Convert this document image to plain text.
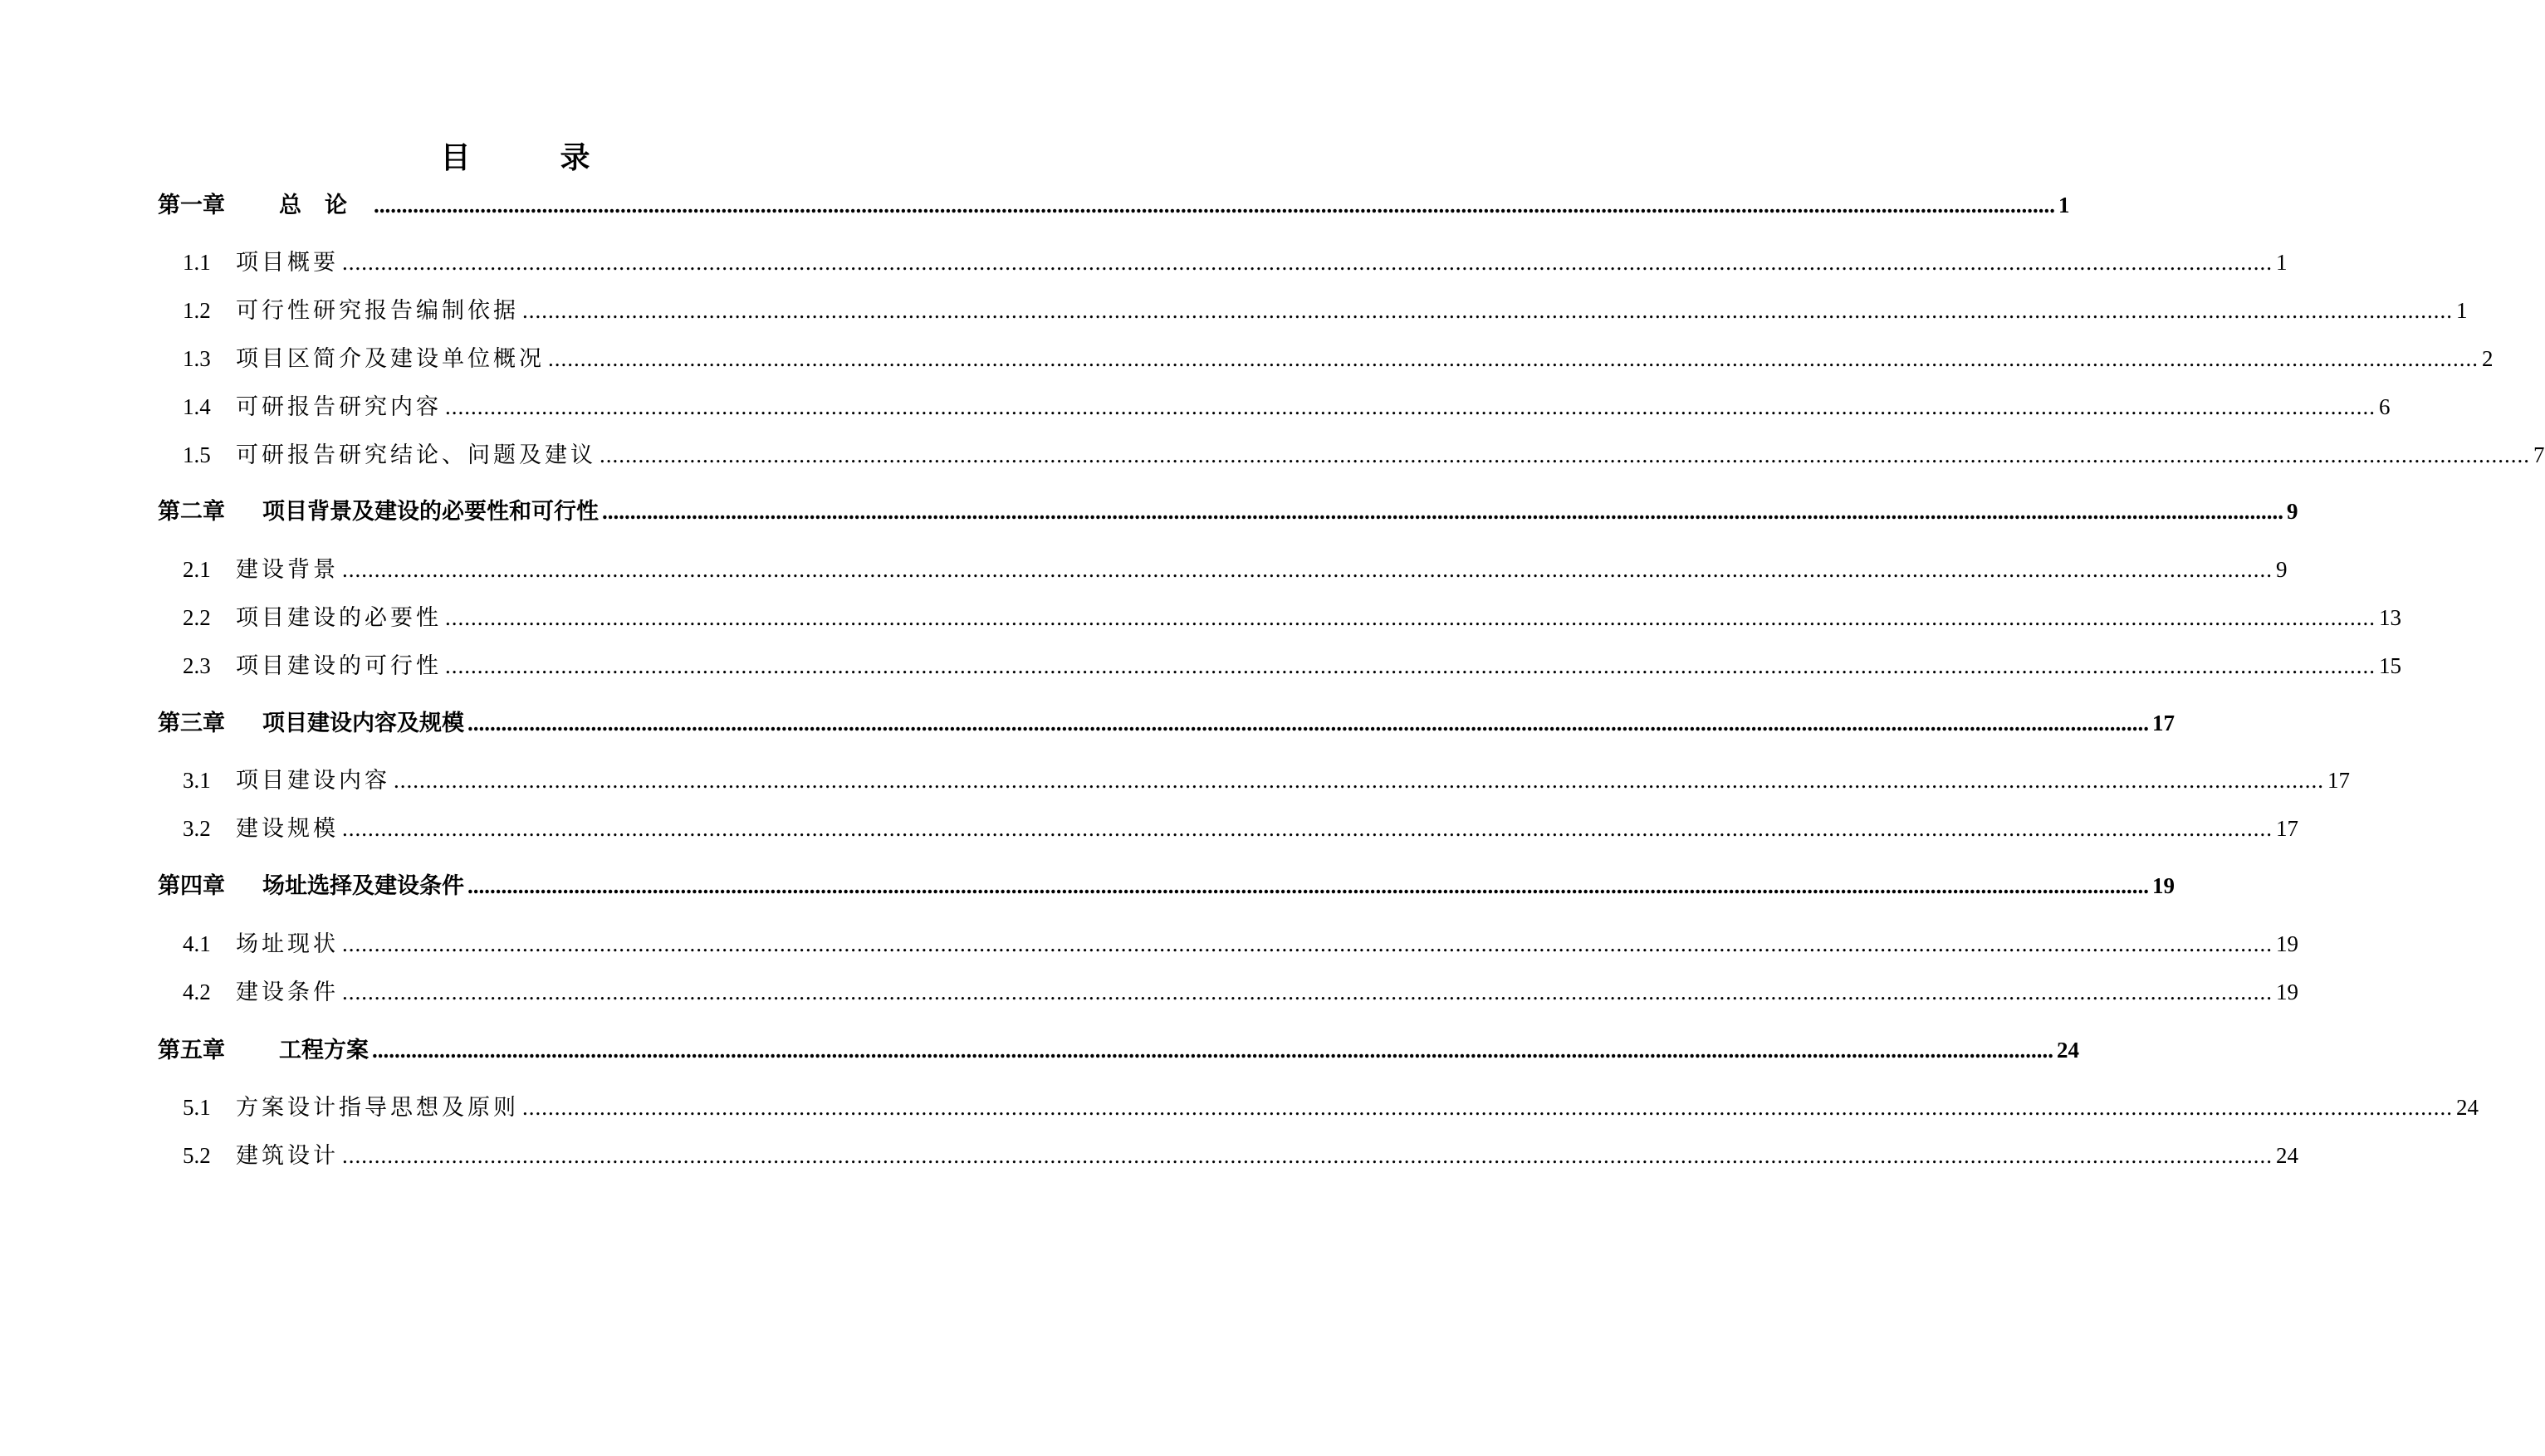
目　录
第一章	总论 ............................................................................................................................................................................................................................................................................................................ 1
1.1	项目概要 ............................................................................................................................................................................................................................................................................................................ 1
1.2	可行性研究报告编制依据 ............................................................................................................................................................................................................................................................................................................ 1
1.3	项目区简介及建设单位概况 ............................................................................................................................................................................................................................................................................................................ 2
1.4	可研报告研究内容 ............................................................................................................................................................................................................................................................................................................ 6
1.5	可研报告研究结论、问题及建议 ............................................................................................................................................................................................................................................................................................................ 7
第二章	项目背景及建设的必要性和可行性 ............................................................................................................................................................................................................................................................................................................ 9
2.1	建设背景 ............................................................................................................................................................................................................................................................................................................ 9
2.2	项目建设的必要性 ............................................................................................................................................................................................................................................................................................................ 13
2.3	项目建设的可行性 ............................................................................................................................................................................................................................................................................................................ 15
第三章	项目建设内容及规模 ............................................................................................................................................................................................................................................................................................................ 17
3.1	项目建设内容 ............................................................................................................................................................................................................................................................................................................ 17
3.2	建设规模 ............................................................................................................................................................................................................................................................................................................ 17
第四章	场址选择及建设条件 ............................................................................................................................................................................................................................................................................................................ 19
4.1	场址现状 ............................................................................................................................................................................................................................................................................................................ 19
4.2	建设条件 ............................................................................................................................................................................................................................................................................................................ 19
第五章	工程方案 ............................................................................................................................................................................................................................................................................................................ 24
5.1	方案设计指导思想及原则 ............................................................................................................................................................................................................................................................................................................ 24
5.2	建筑设计 ............................................................................................................................................................................................................................................................................................................ 24
